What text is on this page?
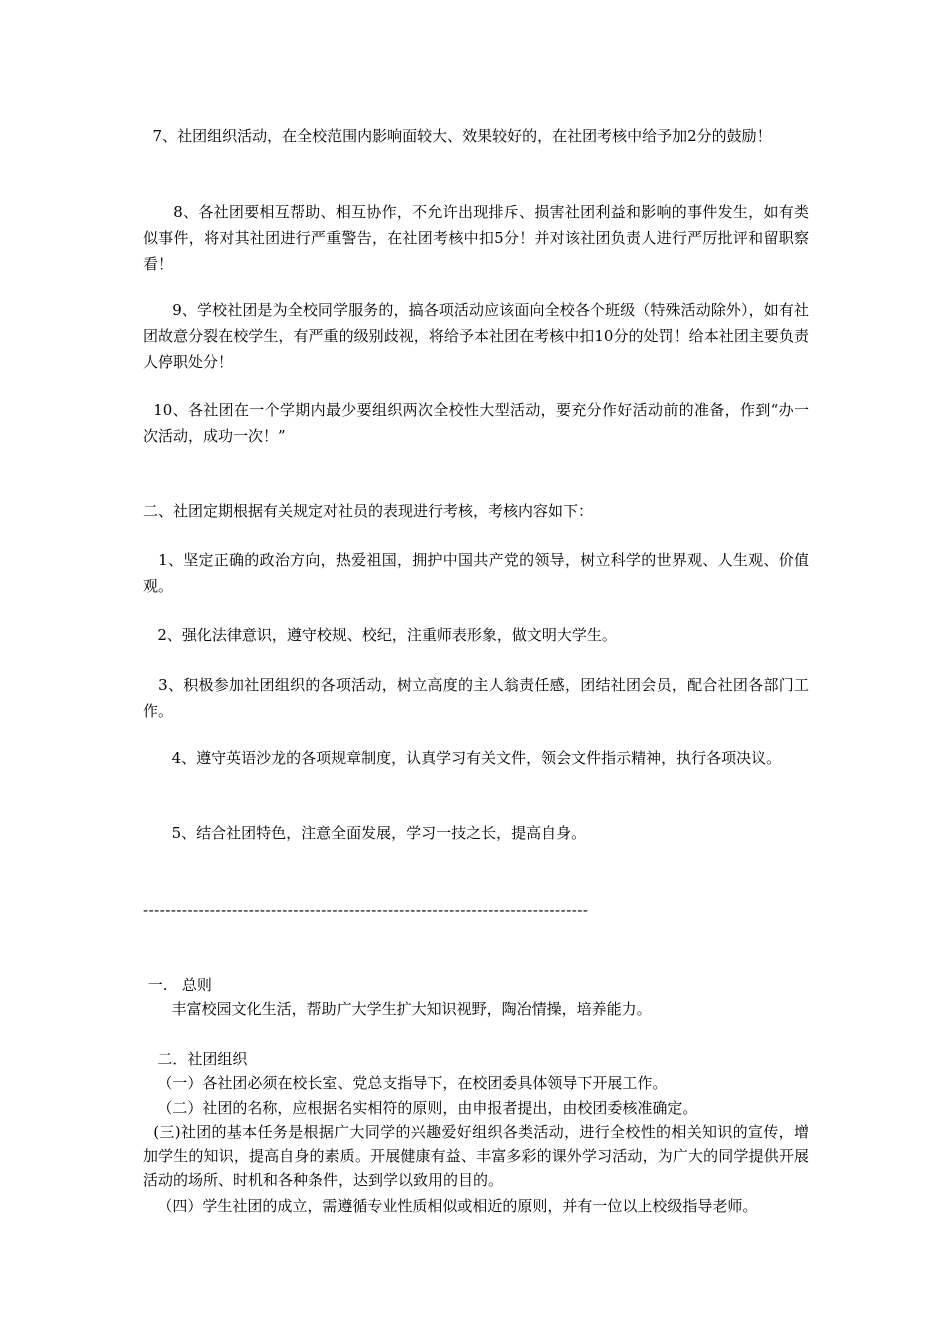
7、社团组织活动，在全校范围内影响面较大、效果较好的，在社团考核中给予加2分的鼓励！

8、各社团要相互帮助、相互协作，不允许出现排斥、损害社团利益和影响的事件发生，如有类似事件，将对其社团进行严重警告，在社团考核中扣5分！并对该社团负责人进行严厉批评和留职察看！

9、学校社团是为全校同学服务的，搞各项活动应该面向全校各个班级（特殊活动除外），如有社团故意分裂在校学生，有严重的级别歧视，将给予本社团在考核中扣10分的处罚！给本社团主要负责人停职处分！

10、各社团在一个学期内最少要组织两次全校性大型活动，要充分作好活动前的准备，作到“办一次活动，成功一次！”

二、社团定期根据有关规定对社员的表现进行考核，考核内容如下：

1、坚定正确的政治方向，热爱祖国，拥护中国共产党的领导，树立科学的世界观、人生观、价值观。

2、强化法律意识，遵守校规、校纪，注重师表形象，做文明大学生。

3、积极参加社团组织的各项活动，树立高度的主人翁责任感，团结社团会员，配合社团各部门工作。

4、遵守英语沙龙的各项规章制度，认真学习有关文件，领会文件指示精神，执行各项决议。

5、结合社团特色，注意全面发展，学习一技之长，提高自身。

--------------------------------------------------------------------------------

一.   总则

丰富校园文化生活，帮助广大学生扩大知识视野，陶冶情操，培养能力。

二．社团组织

（一）各社团必须在校长室、党总支指导下，在校团委具体领导下开展工作。

（二）社团的名称，应根据名实相符的原则，由申报者提出，由校团委核准确定。

(三)社团的基本任务是根据广大同学的兴趣爱好组织各类活动，进行全校性的相关知识的宣传，增加学生的知识，提高自身的素质。开展健康有益、丰富多彩的课外学习活动，为广大的同学提供开展活动的场所、时机和各种条件，达到学以致用的目的。

（四）学生社团的成立，需遵循专业性质相似或相近的原则，并有一位以上校级指导老师。
